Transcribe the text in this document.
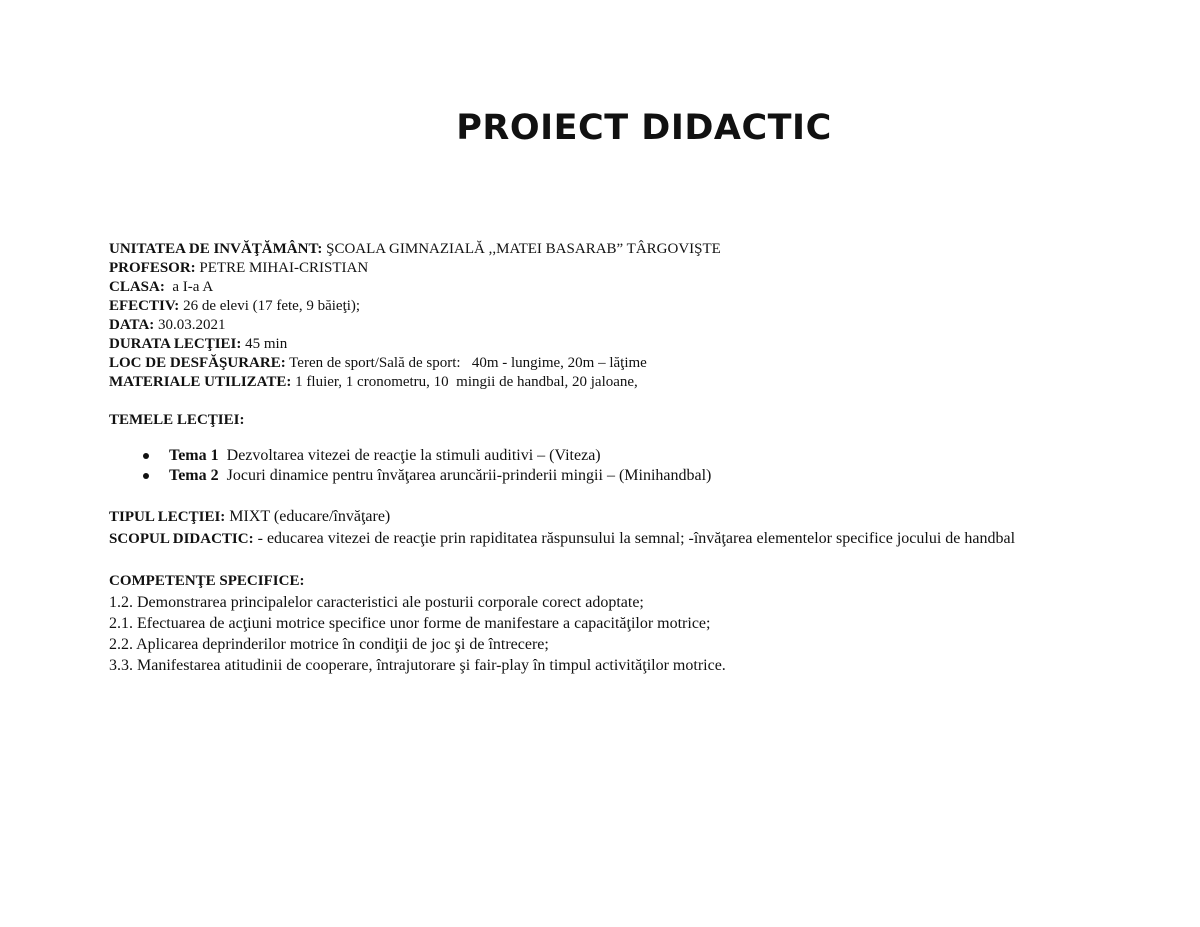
PROIECT DIDACTIC

UNITATEA DE INVĂŢĂMÂNT: ŞCOALA GIMNAZIALĂ ,,MATEI BASARAB” TÂRGOVIŞTE

PROFESOR: PETRE MIHAI-CRISTIAN

CLASA:  a I-a A

EFECTIV: 26 de elevi (17 fete, 9 băieţi);

DATA: 30.03.2021

DURATA LECŢIEI: 45 min

LOC DE DESFĂŞURARE: Teren de sport/Sală de sport:   40m - lungime, 20m – lăţime

MATERIALE UTILIZATE: 1 fluier, 1 cronometru, 10  mingii de handbal, 20 jaloane,

TEMELE LECŢIEI:

Tema 1  Dezvoltarea vitezei de reacţie la stimuli auditivi – (Viteza)
Tema 2  Jocuri dinamice pentru învăţarea aruncării-prinderii mingii – (Minihandbal)

TIPUL LECŢIEI: MIXT (educare/învăţare)

SCOPUL DIDACTIC: - educarea vitezei de reacţie prin rapiditatea răspunsului la semnal; -învăţarea elementelor specifice jocului de handbal

COMPETENŢE SPECIFICE:

1.2. Demonstrarea principalelor caracteristici ale posturii corporale corect adoptate;

2.1. Efectuarea de acţiuni motrice specifice unor forme de manifestare a capacităţilor motrice;

2.2. Aplicarea deprinderilor motrice în condiţii de joc şi de întrecere;

3.3. Manifestarea atitudinii de cooperare, întrajutorare şi fair-play în timpul activităţilor motrice.
